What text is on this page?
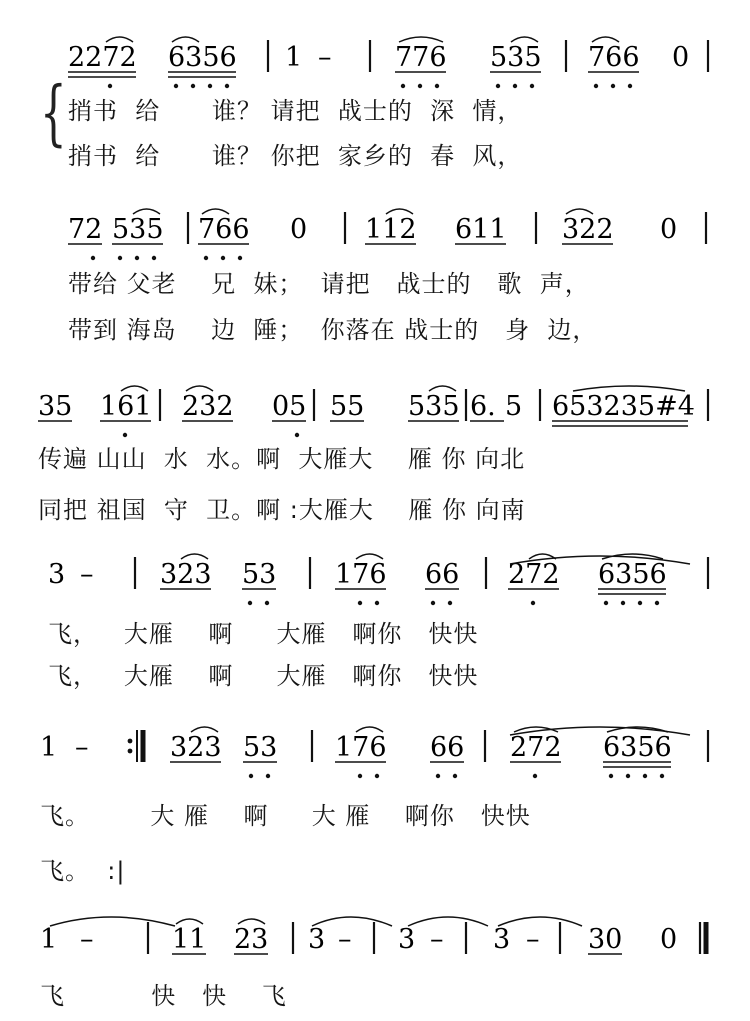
2272 6356 1 – 776 535 766 0
72 535 766 0 112 611 322 0
35 161 232 05 55 535 6. 5 653235#4
3 – 323 53 176 66 272 6356
1 –	323 53 176 66 272 6356
1 –	11 23 3 – 3 – 3 – 30 0
捎书  给      谁？ 请把  战士的  深  情，
捎书  给      谁？ 你把  家乡的  春  风，
带给 父老    兄  妹；  请把   战士的   歌  声，
带到 海岛    边  陲；  你落在 战士的   身  边，
传遍 山山  水  水。啊  大雁大    雁 你 向北
同把 祖国  守  卫。啊 :大雁大    雁 你 向南
飞，   大雁    啊     大雁   啊你   快快
飞，   大雁    啊     大雁   啊你   快快
飞。       大 雁    啊     大 雁    啊你   快快
飞。  :|
飞          快   快    飞
{
